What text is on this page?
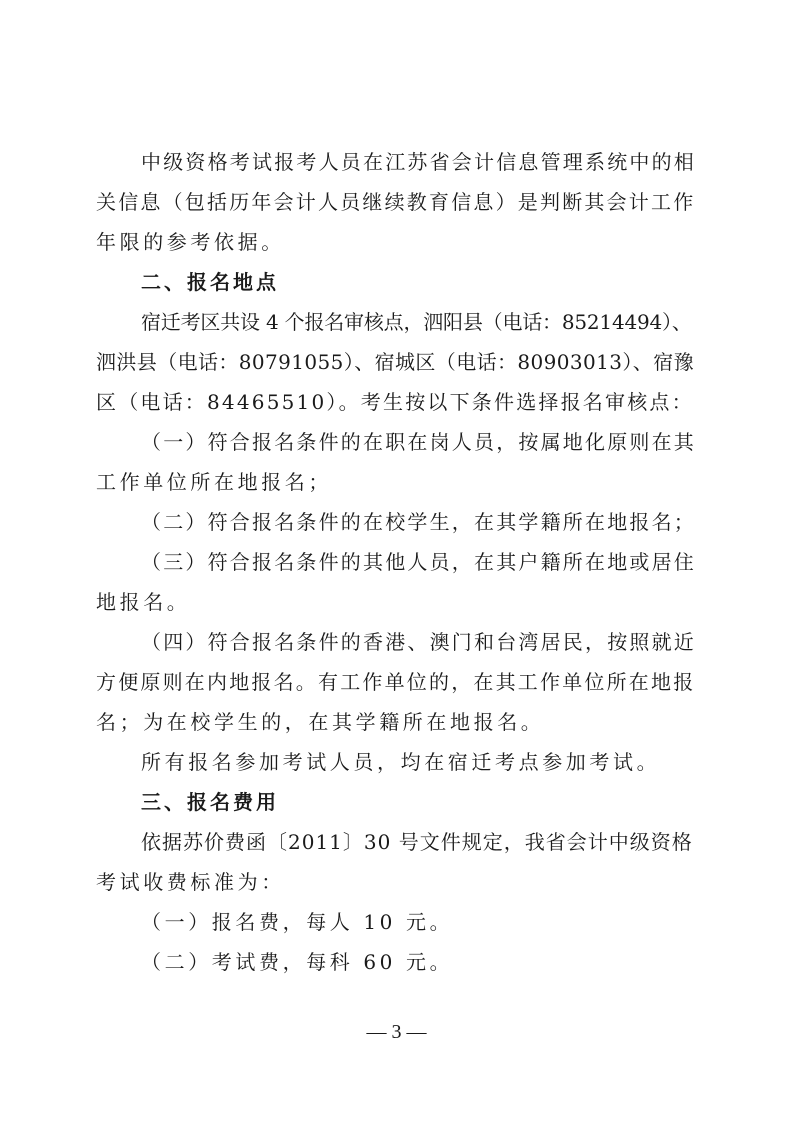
中级资格考试报考人员在江苏省会计信息管理系统中的相
关信息（包括历年会计人员继续教育信息）是判断其会计工作
年限的参考依据。
二、报名地点
宿迁考区共设 4 个报名审核点，泗阳县（电话：85214494）、
泗洪县（电话：80791055）、宿城区（电话：80903013）、宿豫
区（电话：84465510）。考生按以下条件选择报名审核点：
（一）符合报名条件的在职在岗人员，按属地化原则在其
工作单位所在地报名；
（二）符合报名条件的在校学生，在其学籍所在地报名；
（三）符合报名条件的其他人员，在其户籍所在地或居住
地报名。
（四）符合报名条件的香港、澳门和台湾居民，按照就近
方便原则在内地报名。有工作单位的，在其工作单位所在地报
名；为在校学生的，在其学籍所在地报名。
所有报名参加考试人员，均在宿迁考点参加考试。
三、报名费用
依据苏价费函〔2011〕30 号文件规定，我省会计中级资格
考试收费标准为：
（一）报名费，每人 10 元。
（二）考试费，每科 60 元。
— 3 —
